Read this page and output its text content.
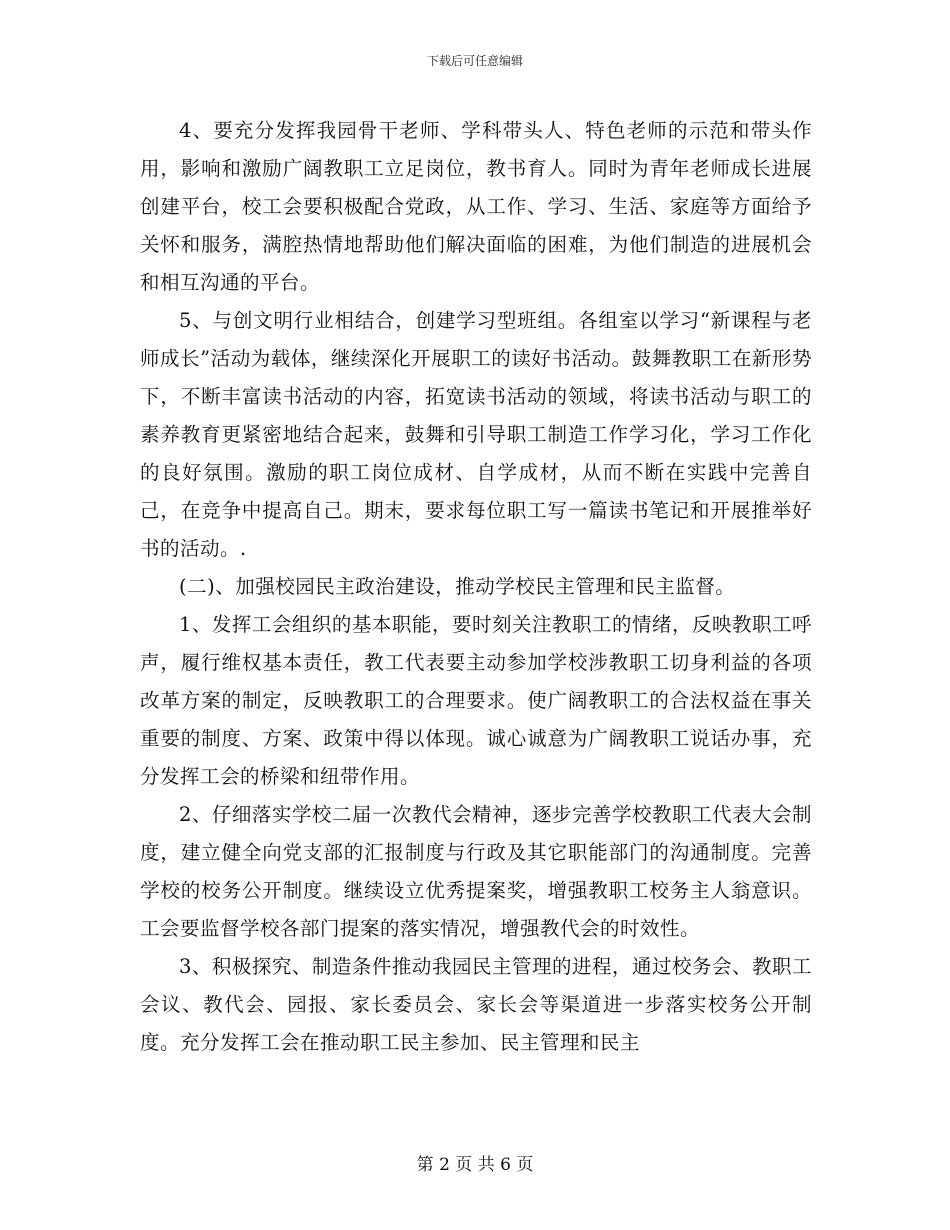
下载后可任意编辑

4、要充分发挥我园骨干老师、学科带头人、特色老师的示范和带头作用，影响和激励广阔教职工立足岗位，教书育人。同时为青年老师成长进展创建平台，校工会要积极配合党政，从工作、学习、生活、家庭等方面给予关怀和服务，满腔热情地帮助他们解决面临的困难，为他们制造的进展机会和相互沟通的平台。

5、与创文明行业相结合，创建学习型班组。各组室以学习“新课程与老师成长”活动为载体，继续深化开展职工的读好书活动。鼓舞教职工在新形势下，不断丰富读书活动的内容，拓宽读书活动的领域，将读书活动与职工的素养教育更紧密地结合起来，鼓舞和引导职工制造工作学习化，学习工作化的良好氛围。激励的职工岗位成材、自学成材，从而不断在实践中完善自己，在竞争中提高自己。期末，要求每位职工写一篇读书笔记和开展推举好书的活动。.

(二)、加强校园民主政治建设，推动学校民主管理和民主监督。

1、发挥工会组织的基本职能，要时刻关注教职工的情绪，反映教职工呼声，履行维权基本责任，教工代表要主动参加学校涉教职工切身利益的各项改革方案的制定，反映教职工的合理要求。使广阔教职工的合法权益在事关重要的制度、方案、政策中得以体现。诚心诚意为广阔教职工说话办事，充分发挥工会的桥梁和纽带作用。

2、仔细落实学校二届一次教代会精神，逐步完善学校教职工代表大会制度，建立健全向党支部的汇报制度与行政及其它职能部门的沟通制度。完善学校的校务公开制度。继续设立优秀提案奖，增强教职工校务主人翁意识。工会要监督学校各部门提案的落实情况，增强教代会的时效性。

3、积极探究、制造条件推动我园民主管理的进程，通过校务会、教职工会议、教代会、园报、家长委员会、家长会等渠道进一步落实校务公开制度。充分发挥工会在推动职工民主参加、民主管理和民主

第 2 页 共 6 页
